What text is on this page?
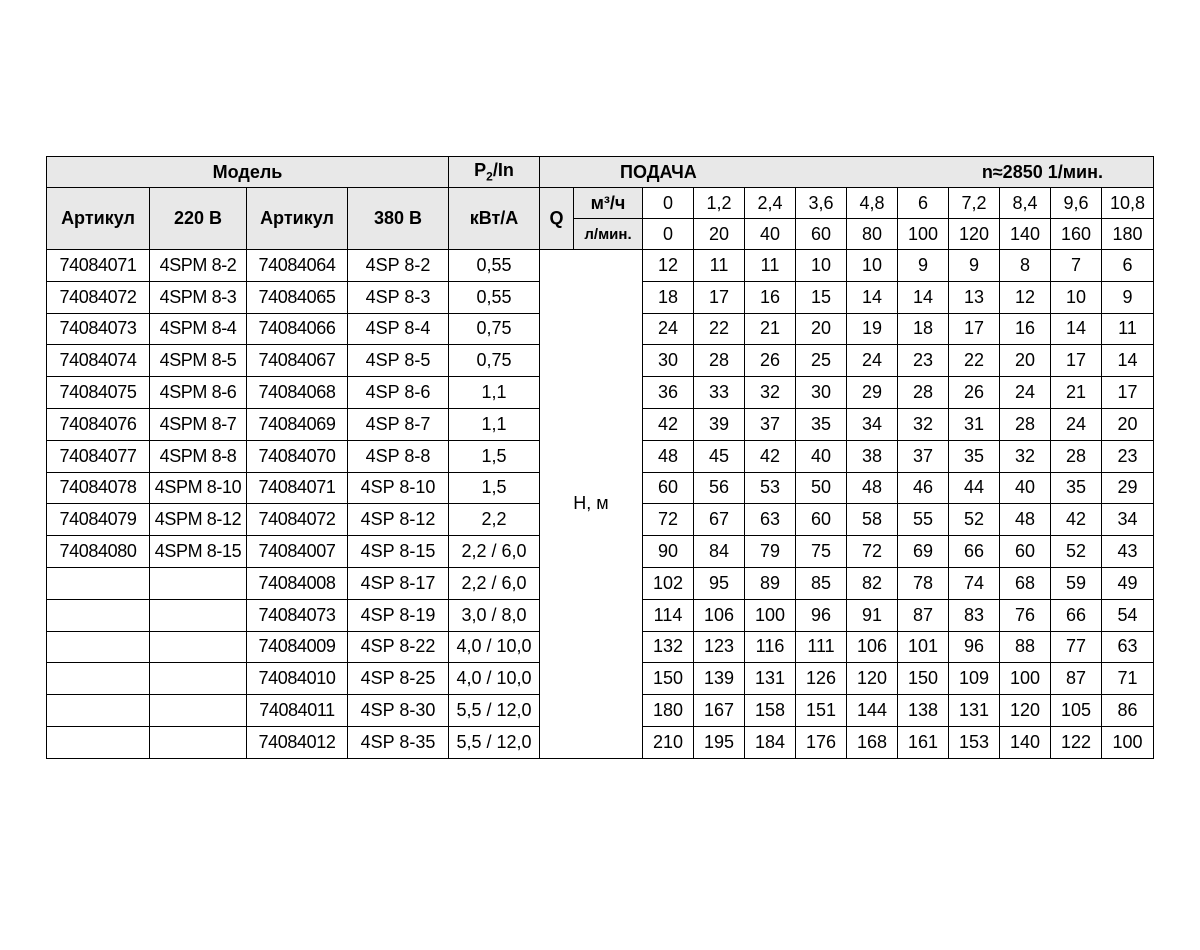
Модель				$P_2/In$	ПОДАЧА n≈2850 1/мин.											

Артикул	220 В	Артикул	380 В	кВт/А	Q	м³/ч	0	1,2	2,4	3,6	4,8	6	7,2	8,4	9,6	10,8
						л/мин.	0	20	40	60	80	100	120	140	160	180
74084071	4SPM 8-2	74084064	4SP 8-2	0,55	Н, м		12	11	11	10	10	9	9	8	7	6
74084072	4SPM 8-3	74084065	4SP 8-3	0,55			18	17	16	15	14	14	13	12	10	9
74084073	4SPM 8-4	74084066	4SP 8-4	0,75			24	22	21	20	19	18	17	16	14	11
74084074	4SPM 8-5	74084067	4SP 8-5	0,75			30	28	26	25	24	23	22	20	17	14
74084075	4SPM 8-6	74084068	4SP 8-6	1,1			36	33	32	30	29	28	26	24	21	17
74084076	4SPM 8-7	74084069	4SP 8-7	1,1			42	39	37	35	34	32	31	28	24	20
74084077	4SPM 8-8	74084070	4SP 8-8	1,5			48	45	42	40	38	37	35	32	28	23
74084078	4SPM 8-10	74084071	4SP 8-10	1,5			60	56	53	50	48	46	44	40	35	29
74084079	4SPM 8-12	74084072	4SP 8-12	2,2			72	67	63	60	58	55	52	48	42	34
74084080	4SPM 8-15	74084007	4SP 8-15	2,2 / 6,0			90	84	79	75	72	69	66	60	52	43
		74084008	4SP 8-17	2,2 / 6,0			102	95	89	85	82	78	74	68	59	49
		74084073	4SP 8-19	3,0 / 8,0			114	106	100	96	91	87	83	76	66	54
		74084009	4SP 8-22	4,0 / 10,0			132	123	116	111	106	101	96	88	77	63
		74084010	4SP 8-25	4,0 / 10,0			150	139	131	126	120	150	109	100	87	71
		74084011	4SP 8-30	5,5 / 12,0			180	167	158	151	144	138	131	120	105	86
		74084012	4SP 8-35	5,5 / 12,0			210	195	184	176	168	161	153	140	122	100
